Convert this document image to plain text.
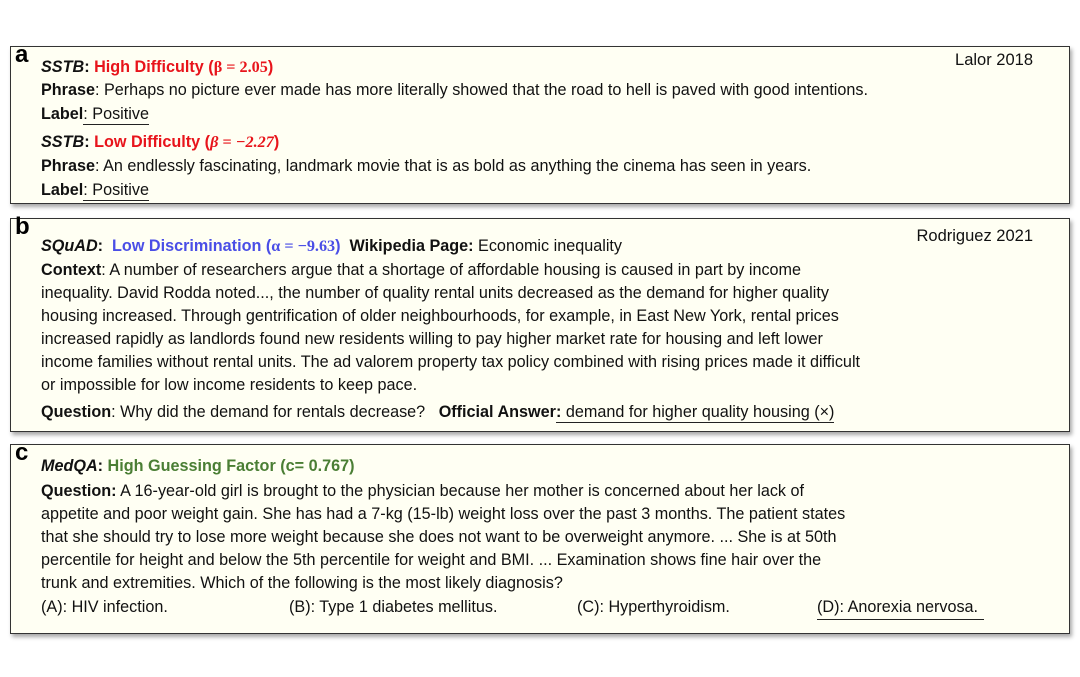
a	Lalor 2018
SSTB: High Difficulty (β = 2.05)
Phrase: Perhaps no picture ever made has more literally showed that the road to hell is paved with good intentions.
Label: Positive
SSTB: Low Difficulty (β = −2.27)
Phrase: An endlessly fascinating, landmark movie that is as bold as anything the cinema has seen in years.
Label: Positive
b	Rodriguez 2021
SQuAD:  Low Discrimination (α = −9.63) Wikipedia Page: Economic inequality
Context: A number of researchers argue that a shortage of affordable housing is caused in part by income
inequality. David Rodda noted..., the number of quality rental units decreased as the demand for higher quality
housing increased. Through gentrification of older neighbourhoods, for example, in East New York, rental prices
increased rapidly as landlords found new residents willing to pay higher market rate for housing and left lower
income families without rental units. The ad valorem property tax policy combined with rising prices made it difficult
or impossible for low income residents to keep pace.
Question: Why did the demand for rentals decrease? Official Answer: demand for higher quality housing (×)
c MedQA: High Guessing Factor (c= 0.767)
Question: A 16-year-old girl is brought to the physician because her mother is concerned about her lack of
appetite and poor weight gain. She has had a 7-kg (15-lb) weight loss over the past 3 months. The patient states
that she should try to lose more weight because she does not want to be overweight anymore. ... She is at 50th
percentile for height and below the 5th percentile for weight and BMI. ... Examination shows fine hair over the
trunk and extremities. Which of the following is the most likely diagnosis?
(A): HIV infection.	(B): Type 1 diabetes mellitus.	(C): Hyperthyroidism.	(D): Anorexia nervosa.
